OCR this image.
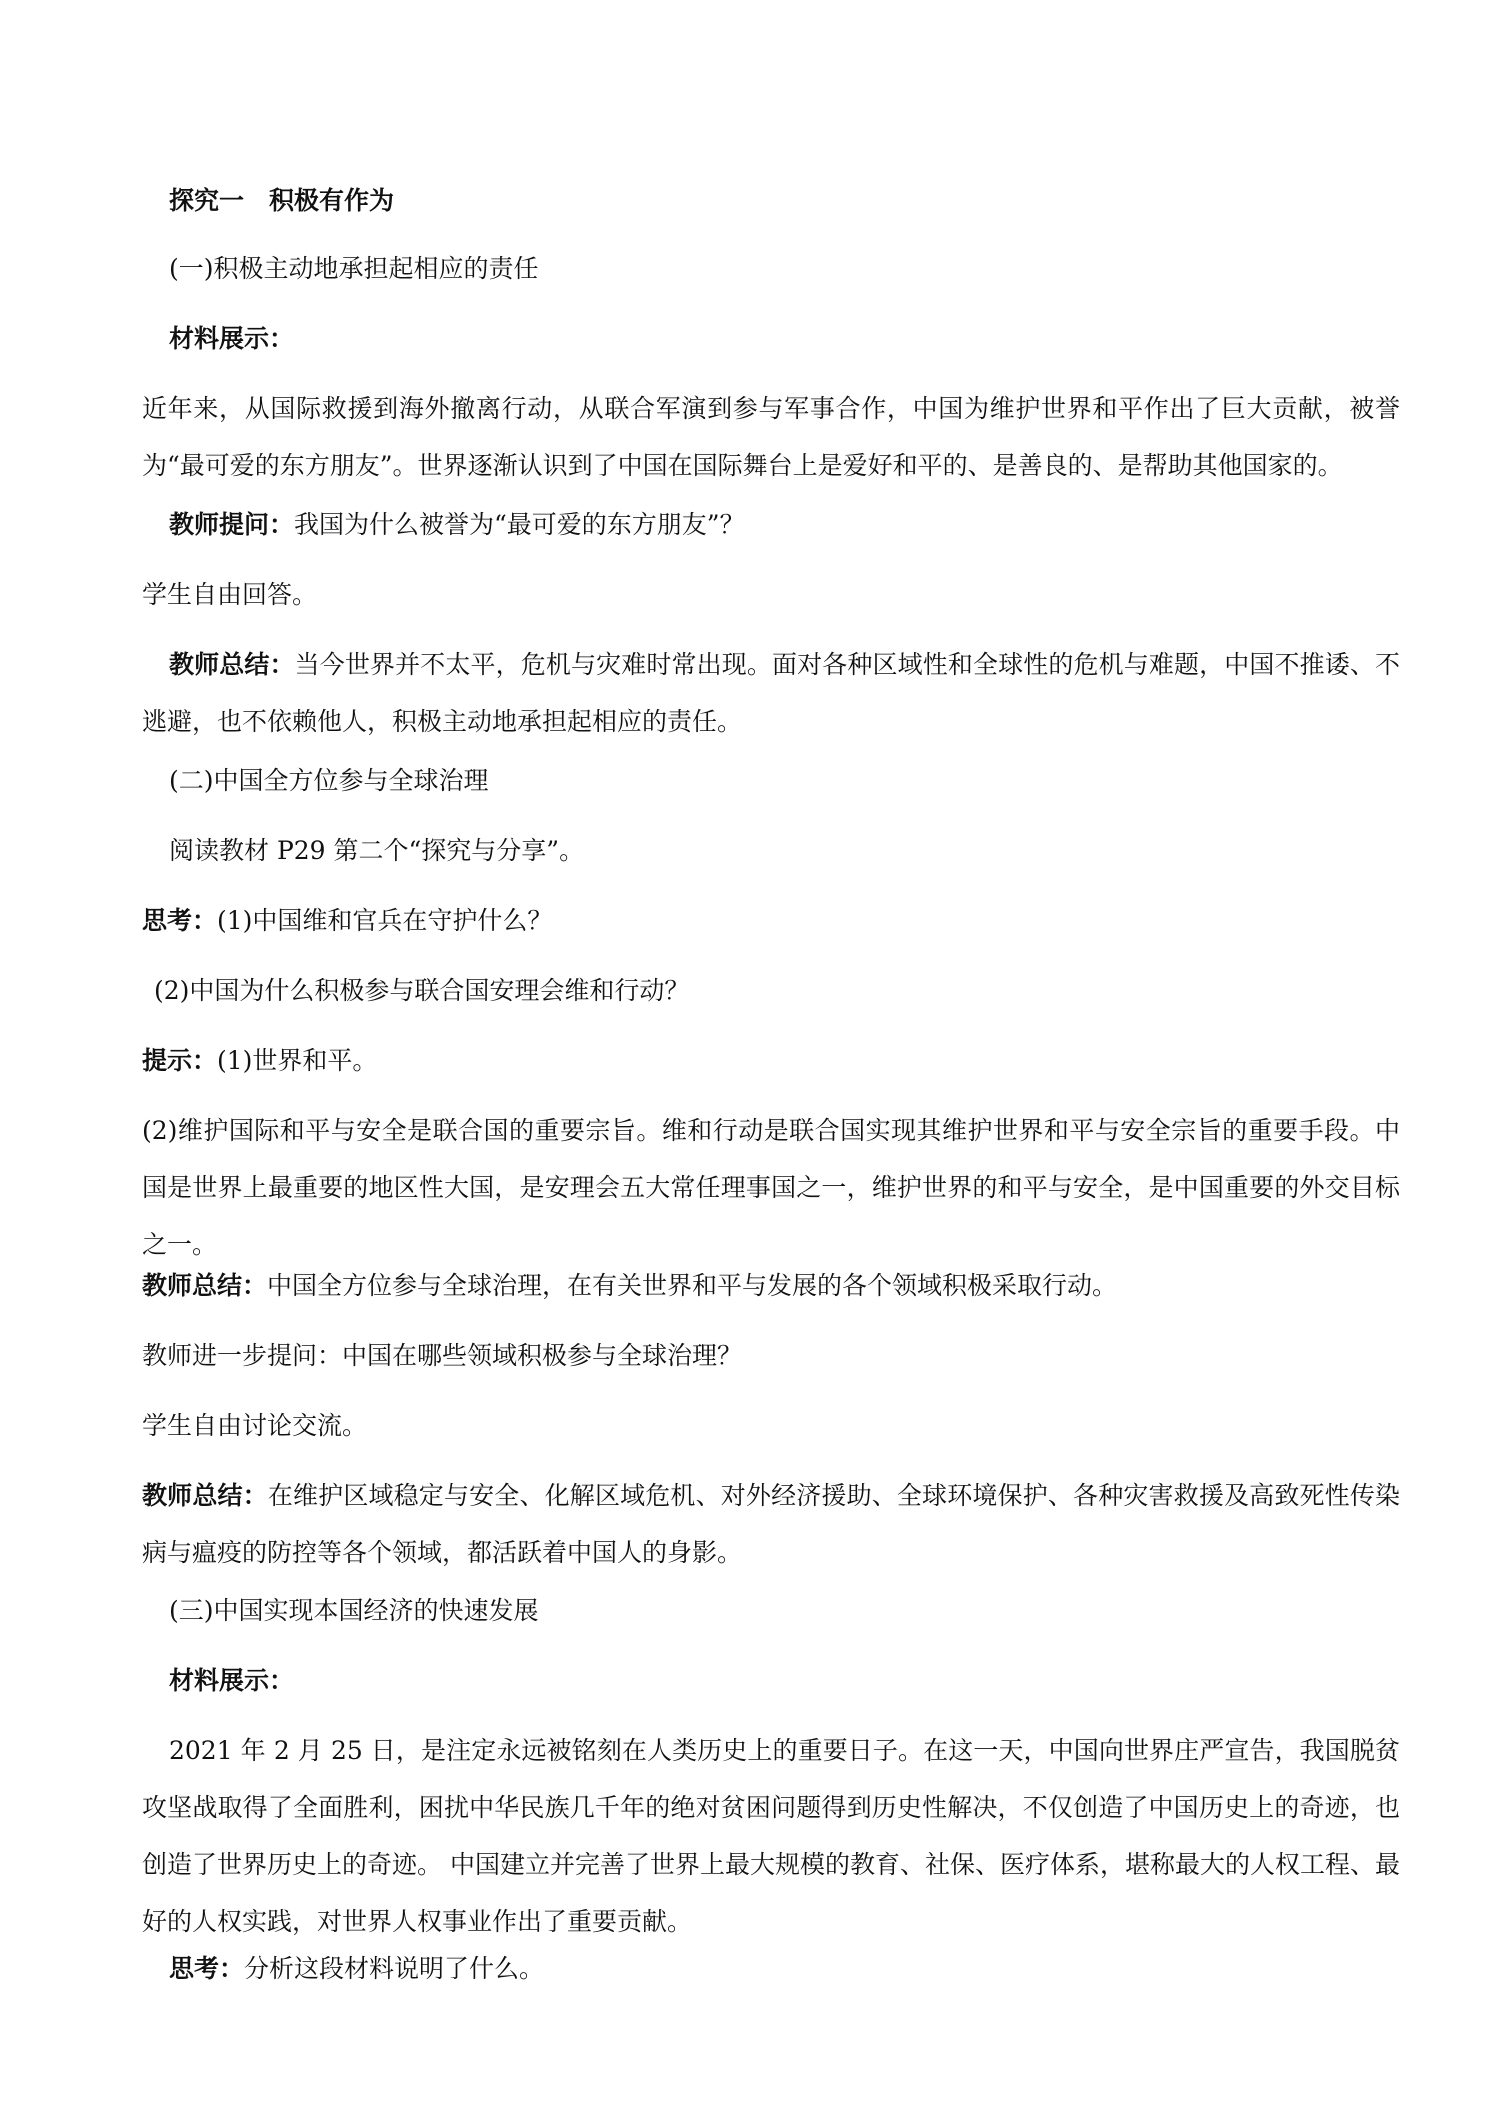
探究一　积极有作为
(一)积极主动地承担起相应的责任
材料展示：
近年来，从国际救援到海外撤离行动，从联合军演到参与军事合作，中国为维护世界和平作出了巨大贡献，被誉为“最可爱的东方朋友”。世界逐渐认识到了中国在国际舞台上是爱好和平的、是善良的、是帮助其他国家的。
教师提问：我国为什么被誉为“最可爱的东方朋友”？
学生自由回答。
教师总结：当今世界并不太平，危机与灾难时常出现。面对各种区域性和全球性的危机与难题，中国不推诿、不逃避，也不依赖他人，积极主动地承担起相应的责任。
(二)中国全方位参与全球治理
阅读教材 P29 第二个“探究与分享”。
思考：(1)中国维和官兵在守护什么？
(2)中国为什么积极参与联合国安理会维和行动？
提示：(1)世界和平。
(2)维护国际和平与安全是联合国的重要宗旨。维和行动是联合国实现其维护世界和平与安全宗旨的重要手段。中国是世界上最重要的地区性大国，是安理会五大常任理事国之一，维护世界的和平与安全，是中国重要的外交目标之一。
教师总结：中国全方位参与全球治理，在有关世界和平与发展的各个领域积极采取行动。
教师进一步提问：中国在哪些领域积极参与全球治理？
学生自由讨论交流。
教师总结：在维护区域稳定与安全、化解区域危机、对外经济援助、全球环境保护、各种灾害救援及高致死性传染病与瘟疫的防控等各个领域，都活跃着中国人的身影。
(三)中国实现本国经济的快速发展
材料展示：
2021 年 2 月 25 日，是注定永远被铭刻在人类历史上的重要日子。在这一天，中国向世界庄严宣告，我国脱贫攻坚战取得了全面胜利，困扰中华民族几千年的绝对贫困问题得到历史性解决，不仅创造了中国历史上的奇迹，也创造了世界历史上的奇迹。 中国建立并完善了世界上最大规模的教育、社保、医疗体系，堪称最大的人权工程、最好的人权实践，对世界人权事业作出了重要贡献。
思考：分析这段材料说明了什么。
